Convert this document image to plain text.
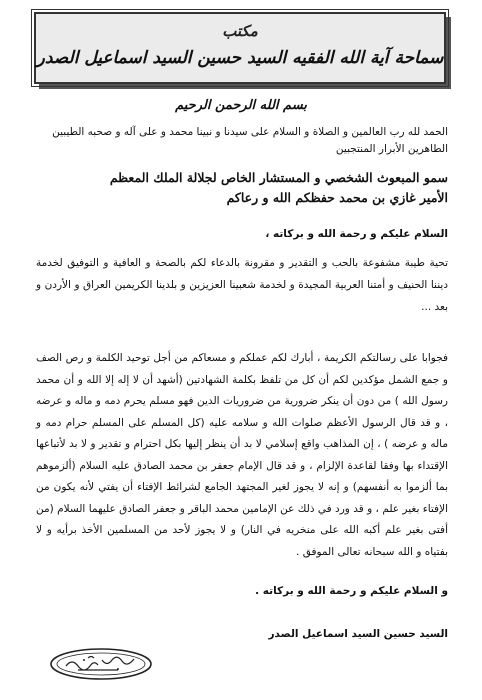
مكتب
سماحة آية الله الفقيه السيد حسين السيد اسماعيل الصدر
بسم الله الرحمن الرحيم
الحمد لله رب العالمين و الصلاة و السلام على سيدنا و نبينا محمد و على آله و صحبه الطيبين الطاهرين الأبرار المنتجبين
سمو المبعوث الشخصي و المستشار الخاص لجلالة الملك المعظم
الأمير غازي بن محمد حفظكم الله و رعاكم
السلام عليكم و رحمة الله و بركاته ،
تحية طيبة مشفوعة بالحب و التقدير و مقرونة بالدعاء لكم بالصحة و العافية و التوفيق لخدمة ديننا الحنيف و أمتنا العربية المجيدة و لخدمة شعبينا العزيزين و بلدينا الكريمين العراق و الأردن و بعد ...
فجوابا على رسالتكم الكريمة ، أبارك لكم عملكم و مسعاكم من أجل توحيد الكلمة و رص الصف و جمع الشمل مؤكدين لكم أن كل من تلفظ بكلمة الشهادتين (أشهد أن لا إله إلا الله و أن محمد رسول الله ) من دون أن ينكر ضرورية من ضروريات الدين فهو مسلم يحرم دمه و ماله و عرضه ، و قد قال الرسول الأعظم صلوات الله و سلامه عليه (كل المسلم على المسلم حرام دمه و ماله و عرضه ) ، إن المذاهب واقع إسلامي لا بد أن ينظر إليها بكل احترام و تقدير و لا بد لأتباعها الإقتداء بها وفقا لقاعدة الإلزام ، و قد قال الإمام جعفر بن محمد الصادق عليه السلام (ألزموهم بما ألزموا به أنفسهم) و إنه لا يجوز لغير المجتهد الجامع لشرائط الإفتاء أن يفتي لأنه يكون من الإفتاء بغير علم ، و قد ورد في ذلك عن الإمامين محمد الباقر و جعفر الصادق عليهما السلام (من أفتى بغير علم أكبه الله على منخريه في النار) و لا يجوز لأحد من المسلمين الأخذ برأيه و لا بفتياه و الله سبحانه تعالى الموفق .
و السلام عليكم و رحمة الله و بركاته .
السيد حسين السيد اسماعيل الصدر
